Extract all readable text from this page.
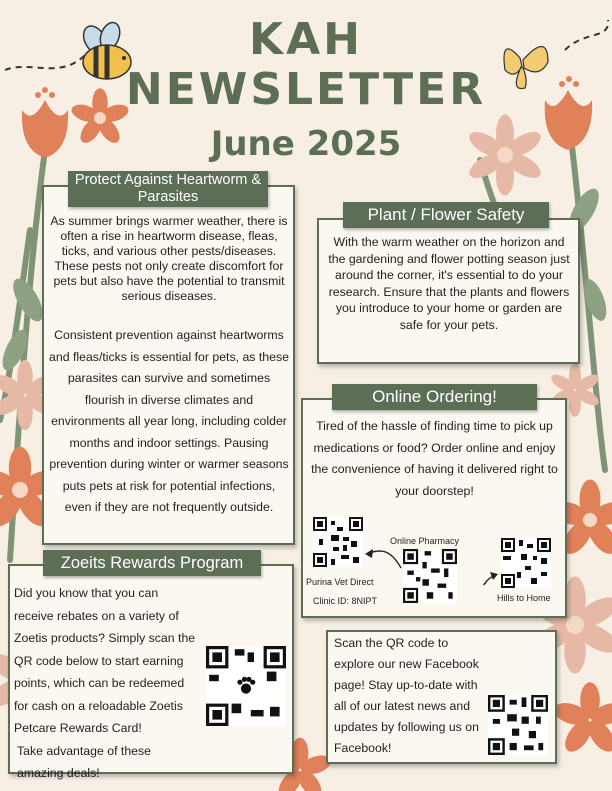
KAH
NEWSLETTER
June 2025
Protect Against Heartworm & Parasites
As summer brings warmer weather, there is often a rise in heartworm disease, fleas, ticks, and various other pests/diseases. These pests not only create discomfort for pets but also have the potential to transmit serious diseases.
Consistent prevention against heartworms and fleas/ticks is essential for pets, as these parasites can survive and sometimes flourish in diverse climates and environments all year long, including colder months and indoor settings. Pausing prevention during winter or warmer seasons puts pets at risk for potential infections, even if they are not frequently outside.
Plant / Flower Safety
With the warm weather on the horizon and the gardening and flower potting season just around the corner, it's essential to do your research. Ensure that the plants and flowers you introduce to your home or garden are safe for your pets.
Online Ordering!
Tired of the hassle of finding time to pick up medications or food? Order online and enjoy the convenience of having it delivered right to your doorstep!
Purina Vet Direct
Clinic ID: 8NIPT
Online Pharmacy
Hills to Home
Zoeits Rewards Program
Did you know that you can receive rebates on a variety of Zoetis products? Simply scan the QR code below to start earning points, which can be redeemed for cash on a reloadable Zoetis Petcare Rewards Card!
Take advantage of these amazing deals!
Scan the QR code to explore our new Facebook page! Stay up-to-date with all of our latest news and updates by following us on Facebook!
